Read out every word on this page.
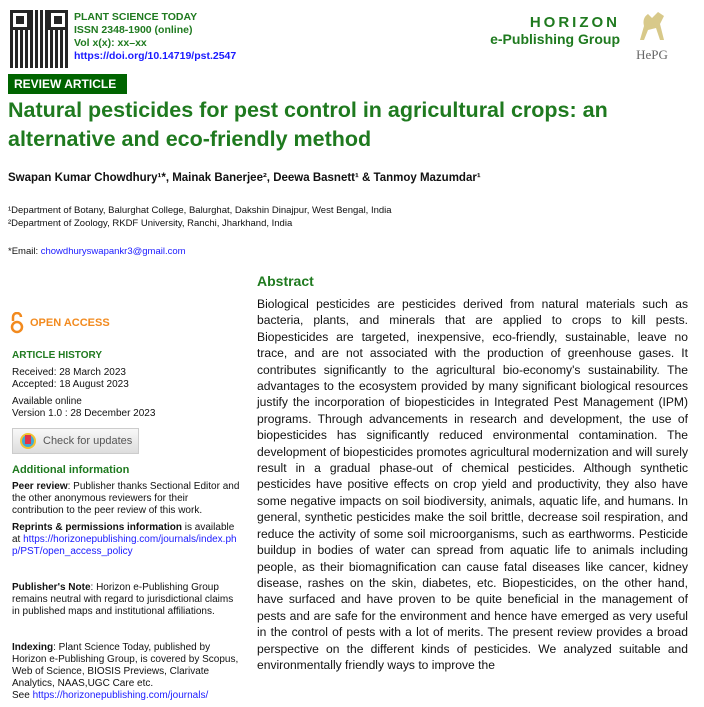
PLANT SCIENCE TODAY
ISSN 2348-1900 (online)
Vol x(x): xx–xx
https://doi.org/10.14719/pst.2547
HORIZON
e-Publishing Group
HePG
REVIEW ARTICLE
Natural pesticides for pest control in agricultural crops: an alternative and eco-friendly method
Swapan Kumar Chowdhury¹*, Mainak Banerjee², Deewa Basnett¹ & Tanmoy Mazumdar¹
¹Department of Botany, Balurghat College, Balurghat, Dakshin Dinajpur, West Bengal, India
²Department of Zoology, RKDF University, Ranchi, Jharkhand, India
*Email: chowdhuryswapankr3@gmail.com
OPEN ACCESS

ARTICLE HISTORY

Received: 28 March 2023

Accepted: 18 August 2023

Available online
Version 1.0 : 28 December 2023
Check for updates

Additional information

Peer review: Publisher thanks Sectional Editor and the other anonymous reviewers for their contribution to the peer review of this work.

Reprints & permissions information is available at https://horizonepublishing.com/journals/index.php/PST/open_access_policy

Publisher's Note: Horizon e-Publishing Group remains neutral with regard to jurisdictional claims in published maps and institutional affiliations.

Indexing: Plant Science Today, published by Horizon e-Publishing Group, is covered by Scopus, Web of Science, BIOSIS Previews, Clarivate Analytics, NAAS,UGC Care etc.
See https://horizonepublishing.com/journals/

Abstract
Biological pesticides are pesticides derived from natural materials such as bacteria, plants, and minerals that are applied to crops to kill pests. Biopesticides are targeted, inexpensive, eco-friendly, sustainable, leave no trace, and are not associated with the production of greenhouse gases. It contributes significantly to the agricultural bio-economy's sustainability. The advantages to the ecosystem provided by many significant biological resources justify the incorporation of biopesticides in Integrated Pest Management (IPM) programs. Through advancements in research and development, the use of biopesticides has significantly reduced environmental contamination. The development of biopesticides promotes agricultural modernization and will surely result in a gradual phase-out of chemical pesticides. Although synthetic pesticides have positive effects on crop yield and productivity, they also have some negative impacts on soil biodiversity, animals, aquatic life, and humans. In general, synthetic pesticides make the soil brittle, decrease soil respiration, and reduce the activity of some soil microorganisms, such as earthworms. Pesticide buildup in bodies of water can spread from aquatic life to animals including people, as their biomagnification can cause fatal diseases like cancer, kidney disease, rashes on the skin, diabetes, etc. Biopesticides, on the other hand, have surfaced and have proven to be quite beneficial in the management of pests and are safe for the environment and hence have emerged as very useful in the control of pests with a lot of merits. The present review provides a broad perspective on the different kinds of pesticides. We analyzed suitable and environmentally friendly ways to improve the
